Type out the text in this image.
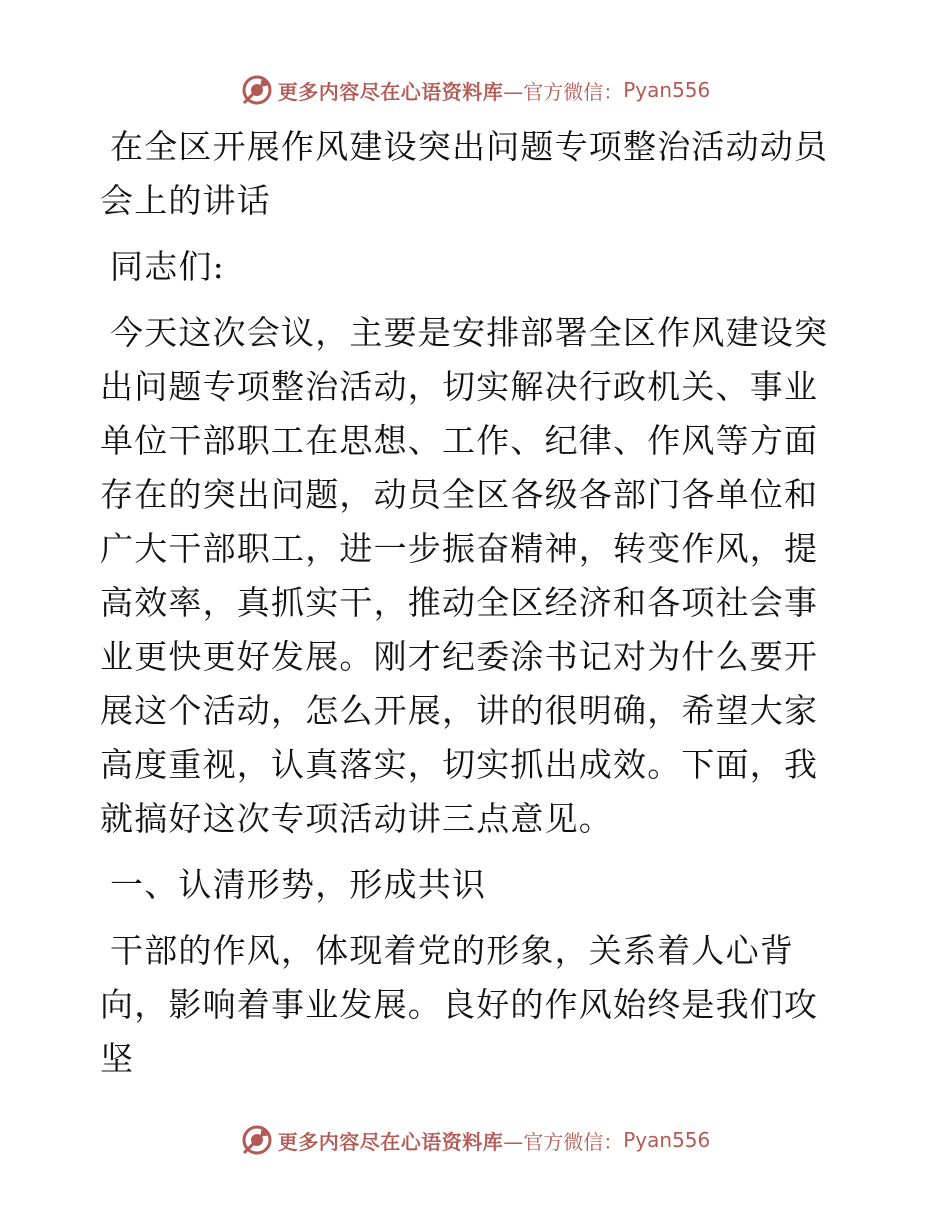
更多内容尽在心语资料库 —官方微信： Pyan556

在全区开展作风建设突出问题专项整治活动动员会上的讲话

同志们:

今天这次会议，主要是安排部署全区作风建设突出问题专项整治活动，切实解决行政机关、事业单位干部职工在思想、工作、纪律、作风等方面存在的突出问题，动员全区各级各部门各单位和广大干部职工，进一步振奋精神，转变作风，提高效率，真抓实干，推动全区经济和各项社会事业更快更好发展。刚才纪委涂书记对为什么要开展这个活动，怎么开展，讲的很明确，希望大家高度重视，认真落实，切实抓出成效。下面，我就搞好这次专项活动讲三点意见。

一、认清形势，形成共识

干部的作风，体现着党的形象，关系着人心背向，影响着事业发展。良好的作风始终是我们攻坚

更多内容尽在心语资料库 —官方微信： Pyan556
